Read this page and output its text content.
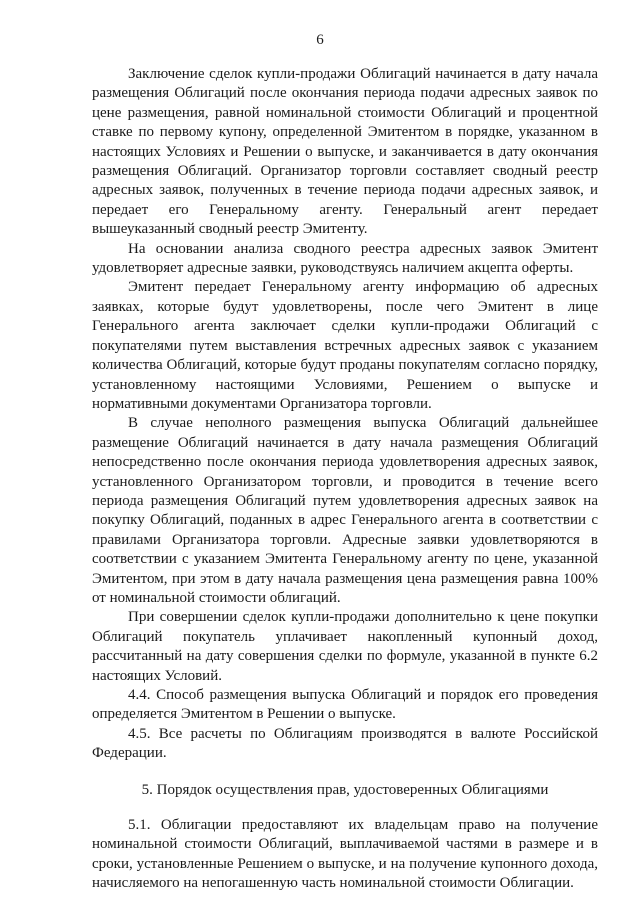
6

Заключение сделок купли-продажи Облигаций начинается в дату начала размещения Облигаций после окончания периода подачи адресных заявок по цене размещения, равной номинальной стоимости Облигаций и процентной ставке по первому купону, определенной Эмитентом в порядке, указанном в настоящих Условиях и Решении о выпуске, и заканчивается в дату окончания размещения Облигаций. Организатор торговли составляет сводный реестр адресных заявок, полученных в течение периода подачи адресных заявок, и передает его Генеральному агенту. Генеральный агент передает вышеуказанный сводный реестр Эмитенту.

На основании анализа сводного реестра адресных заявок Эмитент удовлетворяет адресные заявки, руководствуясь наличием акцепта оферты.

Эмитент передает Генеральному агенту информацию об адресных заявках, которые будут удовлетворены, после чего Эмитент в лице Генерального агента заключает сделки купли-продажи Облигаций с покупателями путем выставления встречных адресных заявок с указанием количества Облигаций, которые будут проданы покупателям согласно порядку, установленному настоящими Условиями, Решением о выпуске и нормативными документами Организатора торговли.

В случае неполного размещения выпуска Облигаций дальнейшее размещение Облигаций начинается в дату начала размещения Облигаций непосредственно после окончания периода удовлетворения адресных заявок, установленного Организатором торговли, и проводится в течение всего периода размещения Облигаций путем удовлетворения адресных заявок на покупку Облигаций, поданных в адрес Генерального агента в соответствии с правилами Организатора торговли. Адресные заявки удовлетворяются в соответствии с указанием Эмитента Генеральному агенту по цене, указанной Эмитентом, при этом в дату начала размещения цена размещения равна 100% от номинальной стоимости облигаций.

При совершении сделок купли-продажи дополнительно к цене покупки Облигаций покупатель уплачивает накопленный купонный доход, рассчитанный на дату совершения сделки по формуле, указанной в пункте 6.2 настоящих Условий.

4.4. Способ размещения выпуска Облигаций и порядок его проведения определяется Эмитентом в Решении о выпуске.

4.5. Все расчеты по Облигациям производятся в валюте Российской Федерации.

5. Порядок осуществления прав, удостоверенных Облигациями

5.1. Облигации предоставляют их владельцам право на получение номинальной стоимости Облигаций, выплачиваемой частями в размере и в сроки, установленные Решением о выпуске, и на получение купонного дохода, начисляемого на непогашенную часть номинальной стоимости Облигации.
